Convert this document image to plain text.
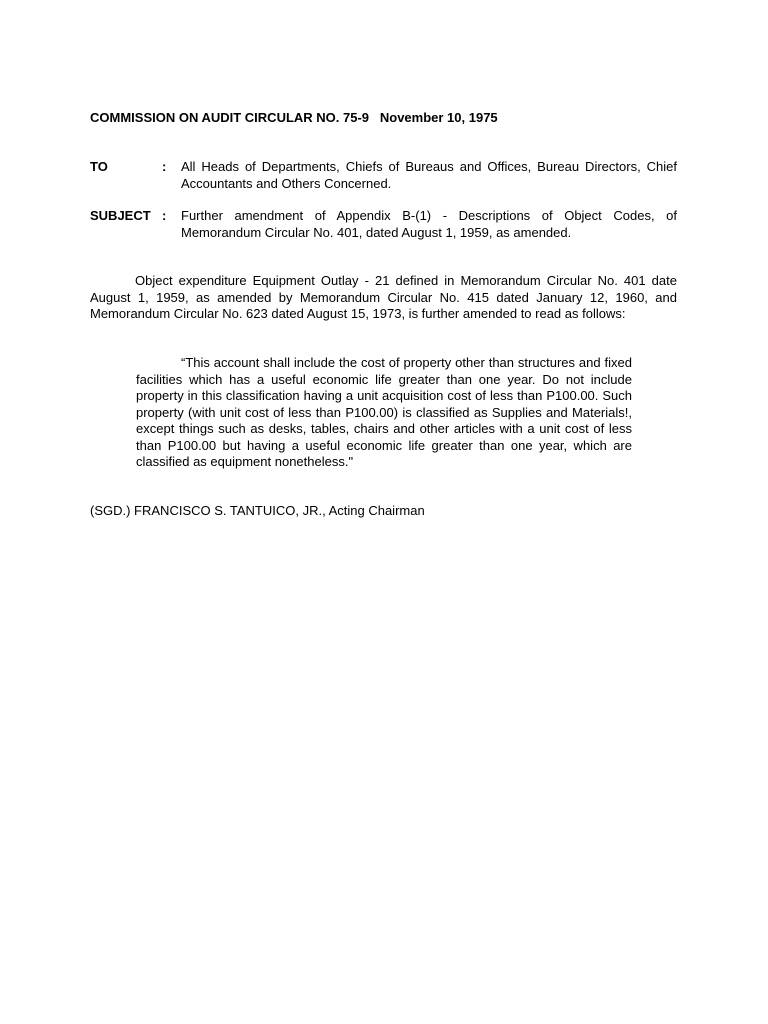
COMMISSION ON AUDIT CIRCULAR NO. 75-9   November 10, 1975
TO	: All Heads of Departments, Chiefs of Bureaus and Offices, Bureau Directors, Chief Accountants and Others Concerned.
SUBJECT : Further amendment of Appendix B-(1) - Descriptions of Object Codes, of Memorandum Circular No. 401, dated August 1, 1959, as amended.
Object expenditure Equipment Outlay - 21 defined in Memorandum Circular No. 401 date August 1, 1959, as amended by Memorandum Circular No. 415 dated January 12, 1960, and Memorandum Circular No. 623 dated August 15, 1973, is further amended to read as follows:
“This account shall include the cost of property other than structures and fixed facilities which has a useful economic life greater than one year. Do not include property in this classification having a unit acquisition cost of less than P100.00. Such property (with unit cost of less than P100.00) is classified as Supplies and Materials!, except things such as desks, tables, chairs and other articles with a unit cost of less than P100.00 but having a useful economic life greater than one year, which are classified as equipment nonetheless."
(SGD.) FRANCISCO S. TANTUICO, JR., Acting Chairman
